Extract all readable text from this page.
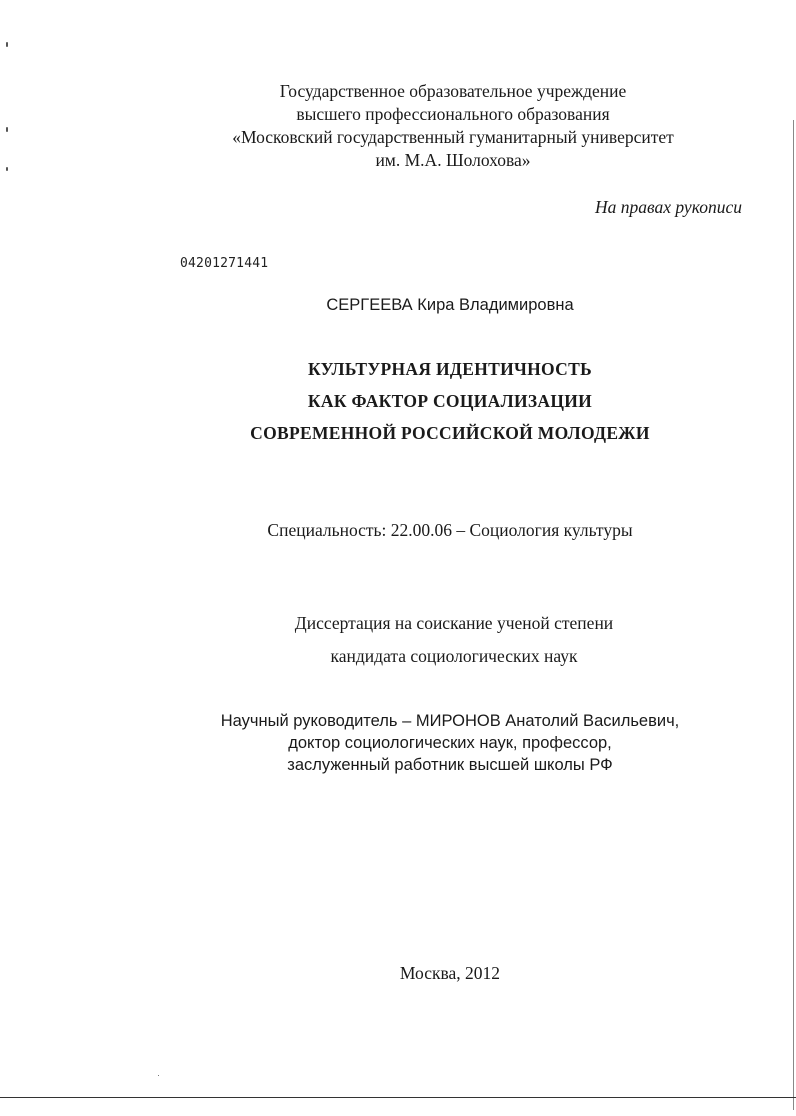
Государственное образовательное учреждение
высшего профессионального образования
«Московский государственный гуманитарный университет
им. М.А. Шолохова»
На правах рукописи
04201271441
СЕРГЕЕВА Кира Владимировна
КУЛЬТУРНАЯ ИДЕНТИЧНОСТЬ
КАК ФАКТОР СОЦИАЛИЗАЦИИ
СОВРЕМЕННОЙ РОССИЙСКОЙ МОЛОДЕЖИ
Специальность: 22.00.06 – Социология культуры
Диссертация на соискание ученой степени
кандидата социологических наук
Научный руководитель – МИРОНОВ Анатолий Васильевич,
доктор социологических наук, профессор,
заслуженный работник высшей школы РФ
Москва, 2012
